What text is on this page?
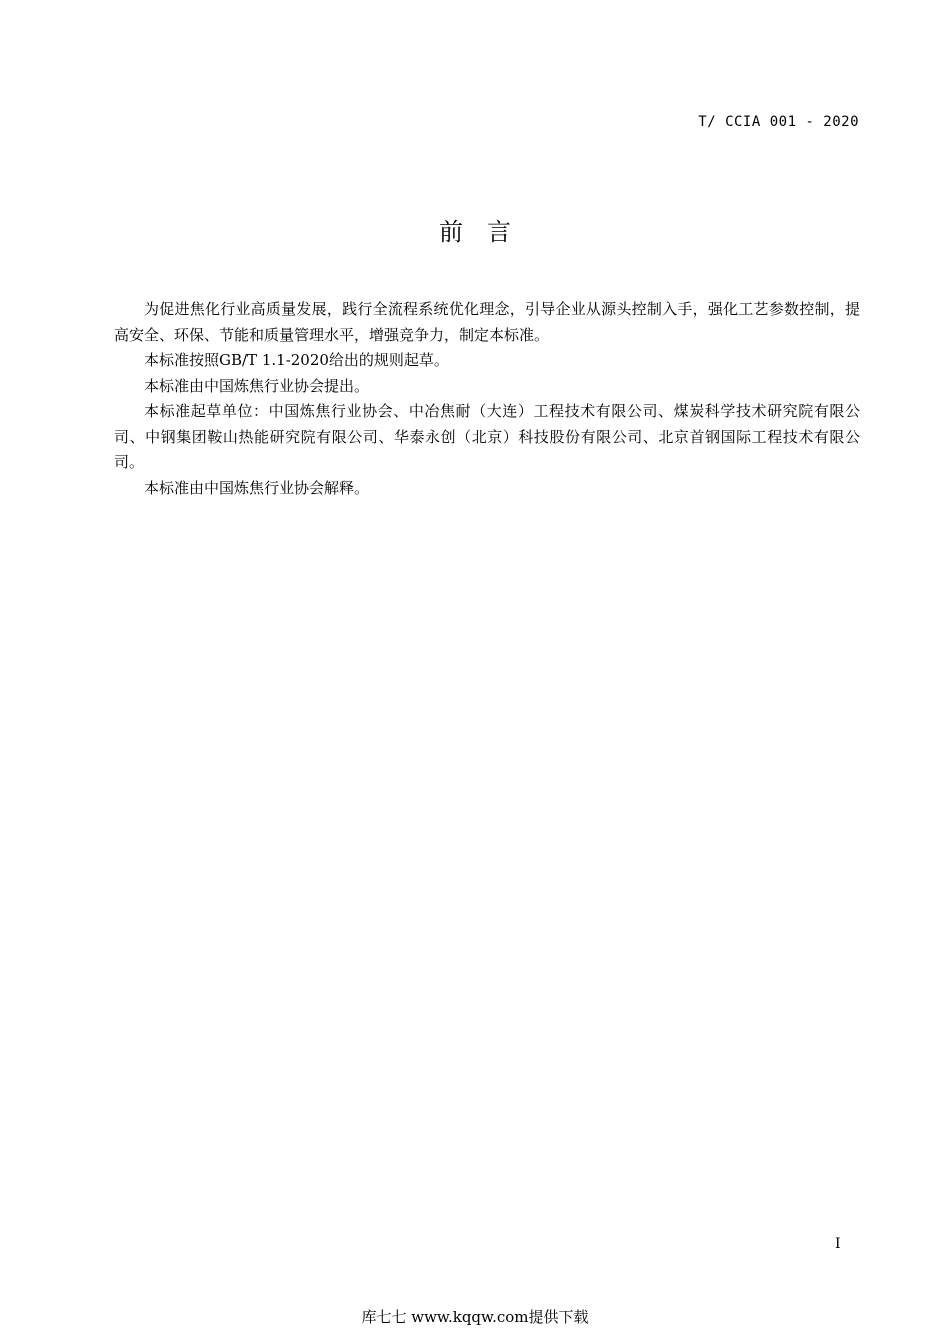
T/ CCIA 001 - 2020
前言

为促进焦化行业高质量发展，践行全流程系统优化理念，引导企业从源头控制入手，强化工艺参数控制，提高安全、环保、节能和质量管理水平，增强竞争力，制定本标准。

本标准按照GB/T 1.1-2020给出的规则起草。

本标准由中国炼焦行业协会提出。

本标准起草单位：中国炼焦行业协会、中冶焦耐（大连）工程技术有限公司、煤炭科学技术研究院有限公司、中钢集团鞍山热能研究院有限公司、华泰永创（北京）科技股份有限公司、北京首钢国际工程技术有限公司。

本标准由中国炼焦行业协会解释。

I
库七七 www.kqqw.com提供下载
